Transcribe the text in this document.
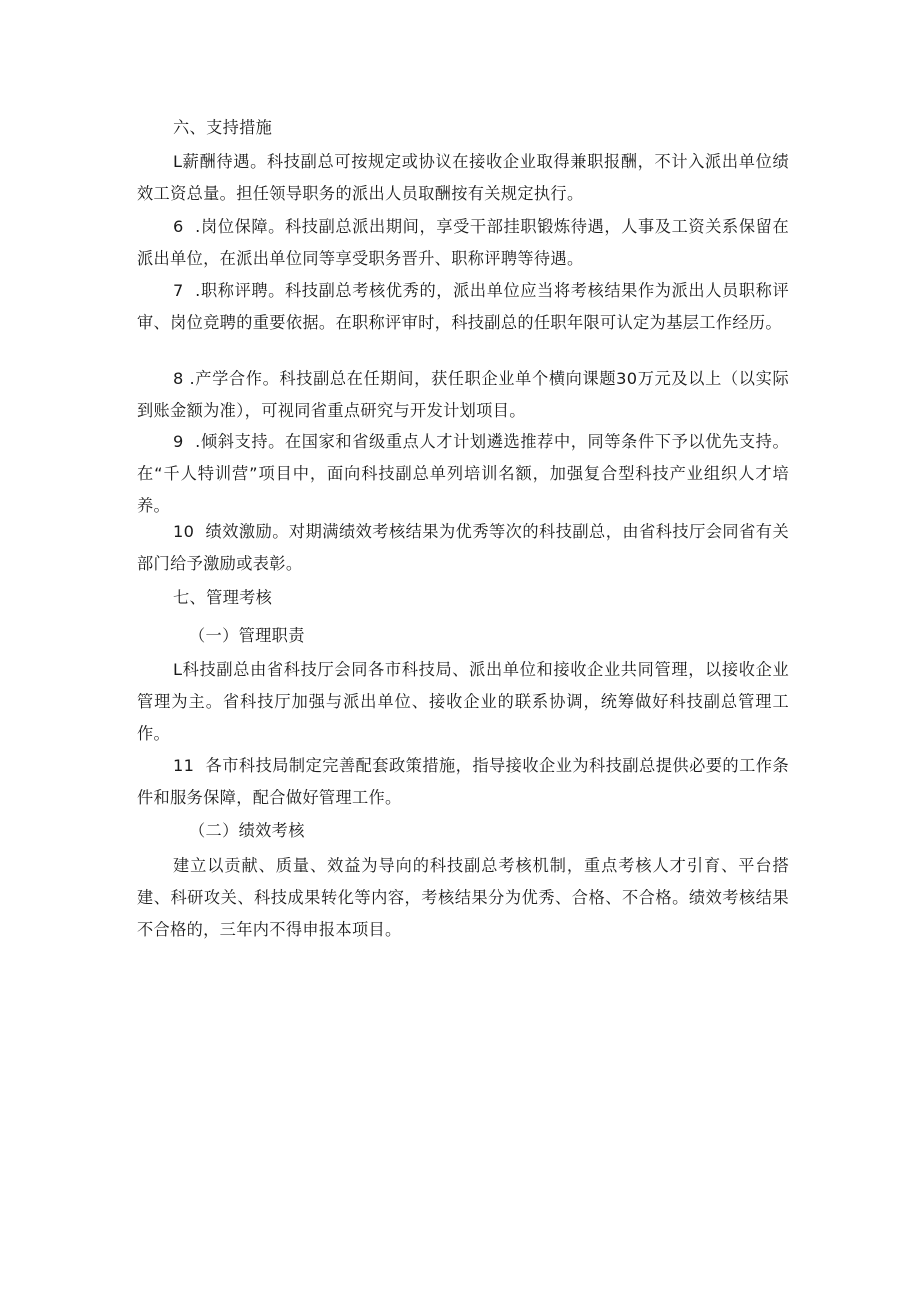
六、支持措施

L薪酬待遇。科技副总可按规定或协议在接收企业取得兼职报酬，不计入派出单位绩效工资总量。担任领导职务的派出人员取酬按有关规定执行。

6  .岗位保障。科技副总派出期间，享受干部挂职锻炼待遇，人事及工资关系保留在派出单位，在派出单位同等享受职务晋升、职称评聘等待遇。

7  .职称评聘。科技副总考核优秀的，派出单位应当将考核结果作为派出人员职称评审、岗位竞聘的重要依据。在职称评审时，科技副总的任职年限可认定为基层工作经历。

8 .产学合作。科技副总在任期间，获任职企业单个横向课题30万元及以上（以实际到账金额为准），可视同省重点研究与开发计划项目。

9  .倾斜支持。在国家和省级重点人才计划遴选推荐中，同等条件下予以优先支持。在“千人特训营”项目中，面向科技副总单列培训名额，加强复合型科技产业组织人才培养。

10  绩效激励。对期满绩效考核结果为优秀等次的科技副总，由省科技厅会同省有关部门给予激励或表彰。

七、管理考核

（一）管理职责

L科技副总由省科技厅会同各市科技局、派出单位和接收企业共同管理，以接收企业管理为主。省科技厅加强与派出单位、接收企业的联系协调，统筹做好科技副总管理工作。

11  各市科技局制定完善配套政策措施，指导接收企业为科技副总提供必要的工作条件和服务保障，配合做好管理工作。

（二）绩效考核

建立以贡献、质量、效益为导向的科技副总考核机制，重点考核人才引育、平台搭建、科研攻关、科技成果转化等内容，考核结果分为优秀、合格、不合格。绩效考核结果不合格的，三年内不得申报本项目。
